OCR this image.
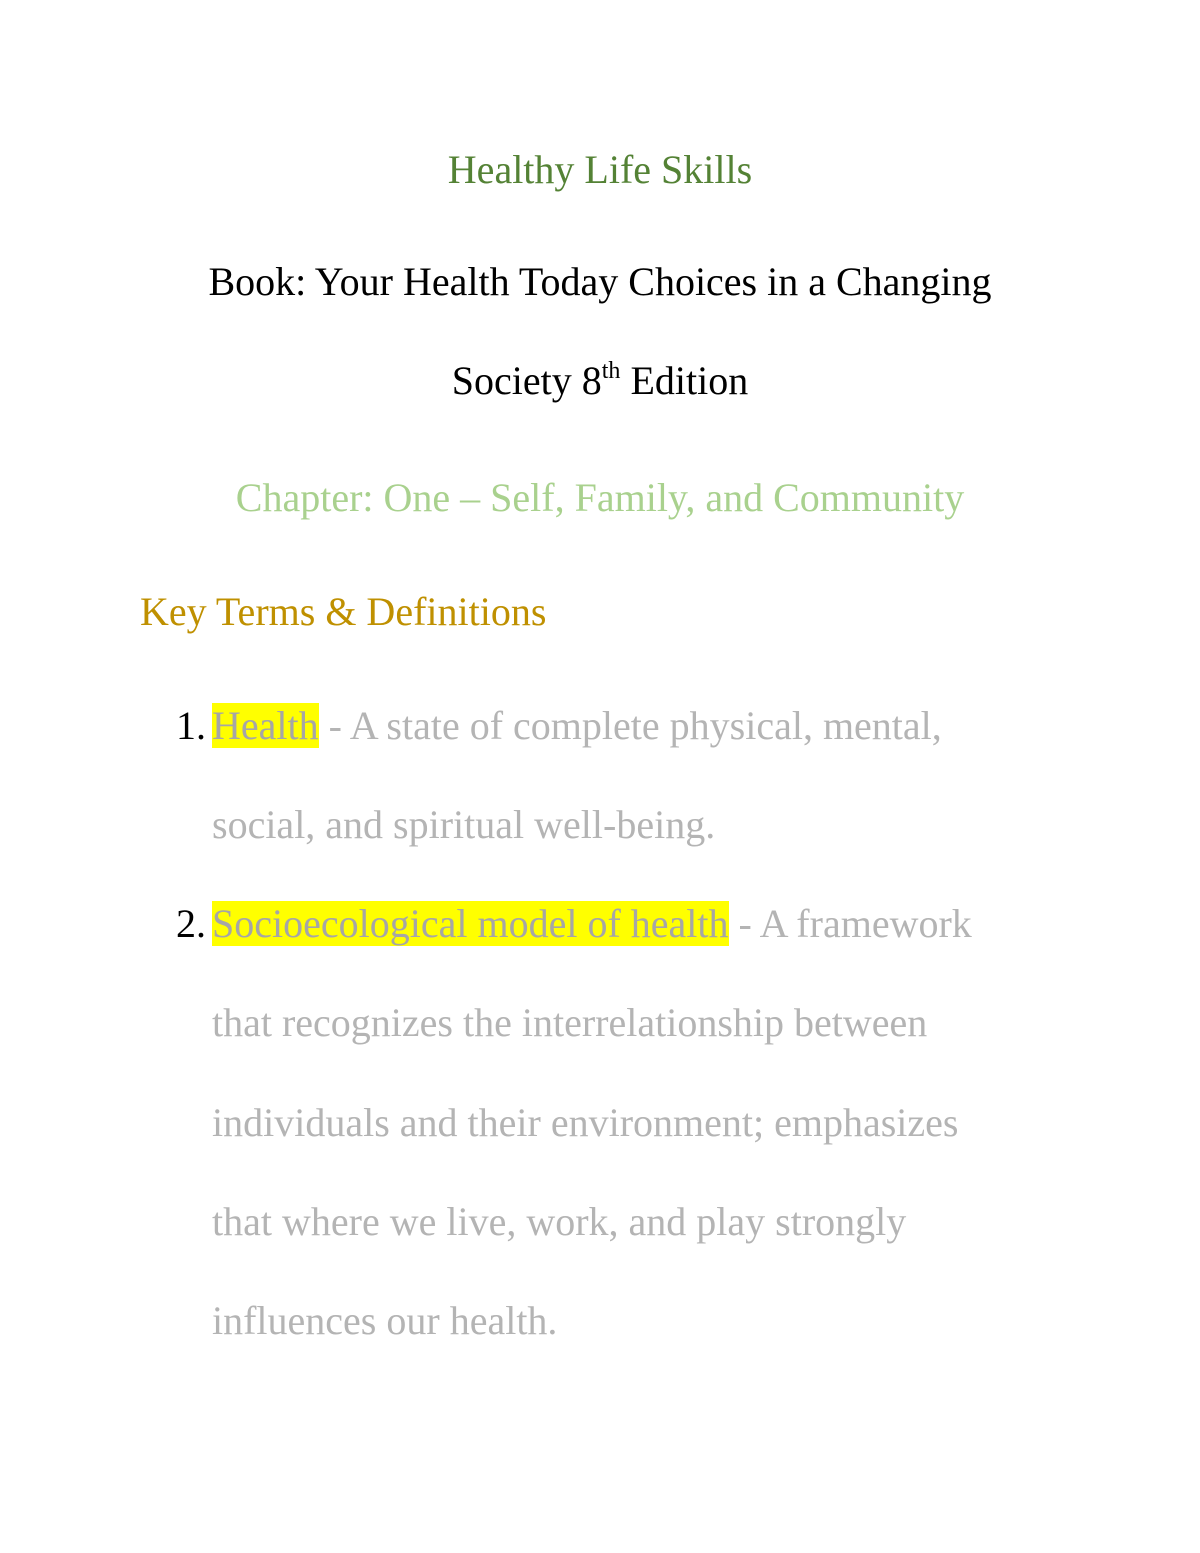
Healthy Life Skills
Book: Your Health Today Choices in a Changing
Society 8th Edition
Chapter: One – Self, Family, and Community
Key Terms & Definitions
1. Health - A state of complete physical, mental,
social, and spiritual well-being.
2. Socioecological model of health - A framework
that recognizes the interrelationship between
individuals and their environment; emphasizes
that where we live, work, and play strongly
influences our health.
